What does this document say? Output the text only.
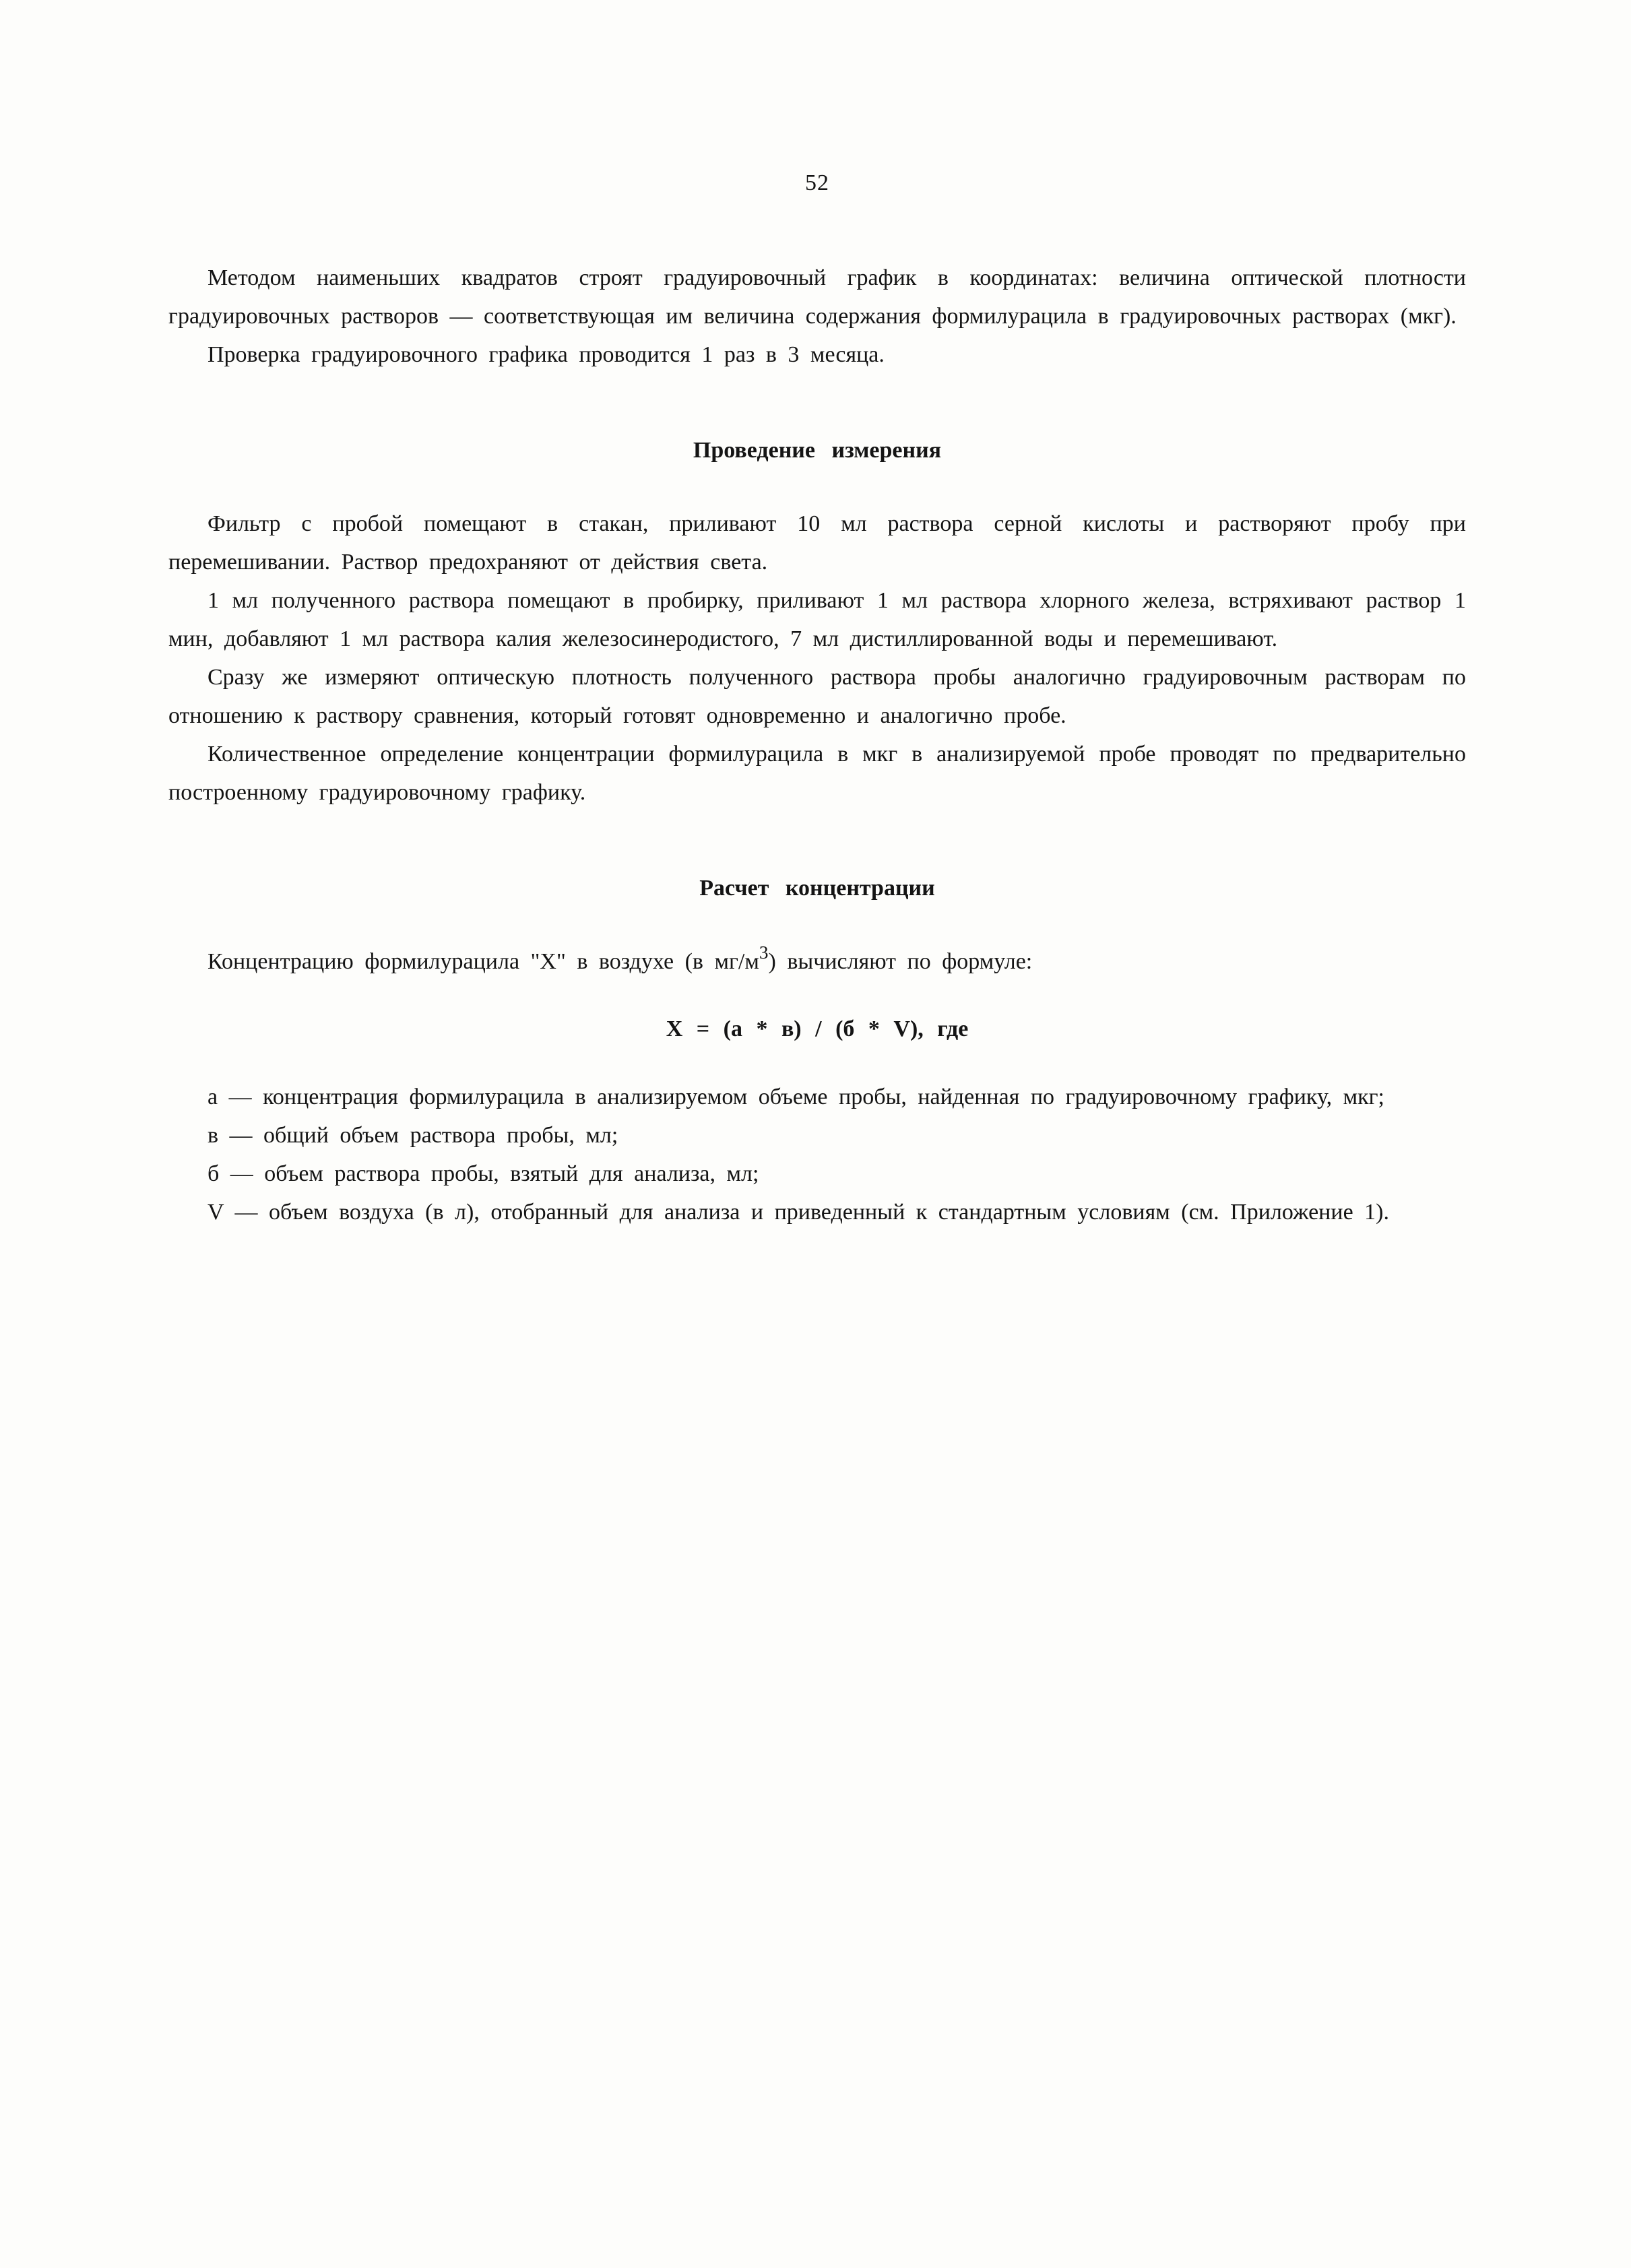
52

Методом наименьших квадратов строят градуировочный график в координатах: величина оптической плотности градуировочных растворов — соответствующая им величина содержания формилурацила в градуировочных растворах (мкг).

Проверка градуировочного графика проводится 1 раз в 3 месяца.

Проведение измерения

Фильтр с пробой помещают в стакан, приливают 10 мл раствора серной кислоты и растворяют пробу при перемешивании. Раствор предохраняют от действия света.

1 мл полученного раствора помещают в пробирку, приливают 1 мл раствора хлорного железа, встряхивают раствор 1 мин, добавляют 1 мл раствора калия железосинеродистого, 7 мл дистиллированной воды и перемешивают.

Сразу же измеряют оптическую плотность полученного раствора пробы аналогично градуировочным растворам по отношению к раствору сравнения, который готовят одновременно и аналогично пробе.

Количественное определение концентрации формилурацила в мкг в анализируемой пробе проводят по предварительно построенному градуировочному графику.

Расчет концентрации

Концентрацию формилурацила "X" в воздухе (в $мг/м^3$) вычисляют по формуле:

X = (а * в) / (б * V), где

а — концентрация формилурацила в анализируемом объеме пробы, найденная по градуировочному графику, мкг;

в — общий объем раствора пробы, мл;

б — объем раствора пробы, взятый для анализа, мл;

V — объем воздуха (в л), отобранный для анализа и приведенный к стандартным условиям (см. Приложение 1).
